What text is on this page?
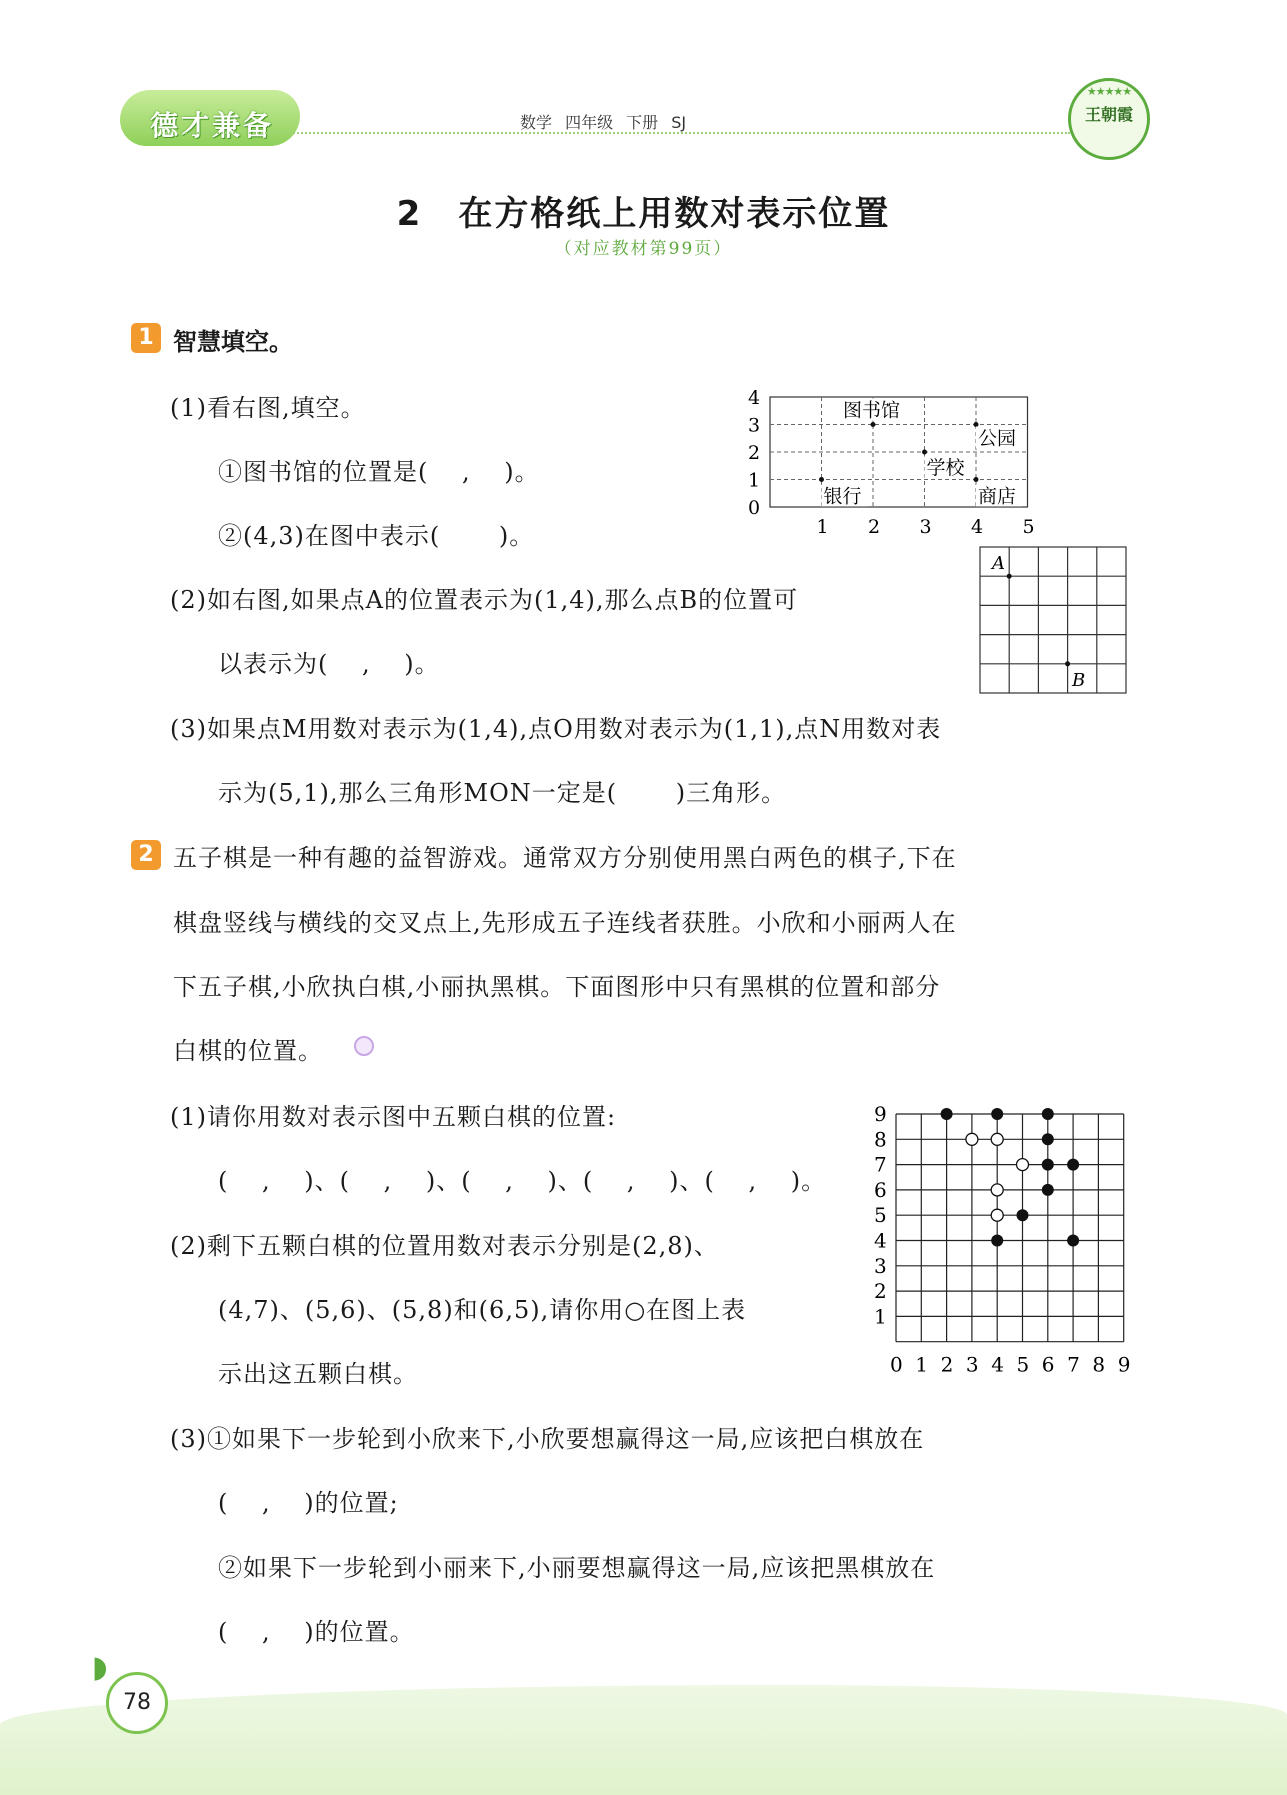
德才兼备	数学 四年级 下册 SJ
★★★★★
王朝霞
2　在方格纸上用数对表示位置
（对应教材第99页）
1 智慧填空。
(1)看右图,填空。
①图书馆的位置是(　 ,　 )。
②(4,3)在图中表示(　　 )。
(2)如右图,如果点A的位置表示为(1,4),那么点B的位置可
以表示为(　 ,　 )。
(3)如果点M用数对表示为(1,4),点O用数对表示为(1,1),点N用数对表
示为(5,1),那么三角形MON一定是(　　 )三角形。
1 2 3 4 5
0
1
2
3
4
图书馆
公园
学校
银行	商店
A
B
2 五子棋是一种有趣的益智游戏。通常双方分别使用黑白两色的棋子,下在
棋盘竖线与横线的交叉点上,先形成五子连线者获胜。小欣和小丽两人在
下五子棋,小欣执白棋,小丽执黑棋。下面图形中只有黑棋的位置和部分
白棋的位置。
(1)请你用数对表示图中五颗白棋的位置:
(　 ,　 )、(　 ,　 )、(　 ,　 )、(　 ,　 )、(　 ,　 )。
(2)剩下五颗白棋的位置用数对表示分别是(2,8)、
(4,7)、(5,6)、(5,8)和(6,5),请你用○在图上表
示出这五颗白棋。
(3)①如果下一步轮到小欣来下,小欣要想赢得这一局,应该把白棋放在
(　 ,　 )的位置;
②如果下一步轮到小丽来下,小丽要想赢得这一局,应该把黑棋放在
(　 ,　 )的位置。
0 1 2 3 4 5 6 7 8 9
1
2
3
4
5
6
7
8
9
◗
78
